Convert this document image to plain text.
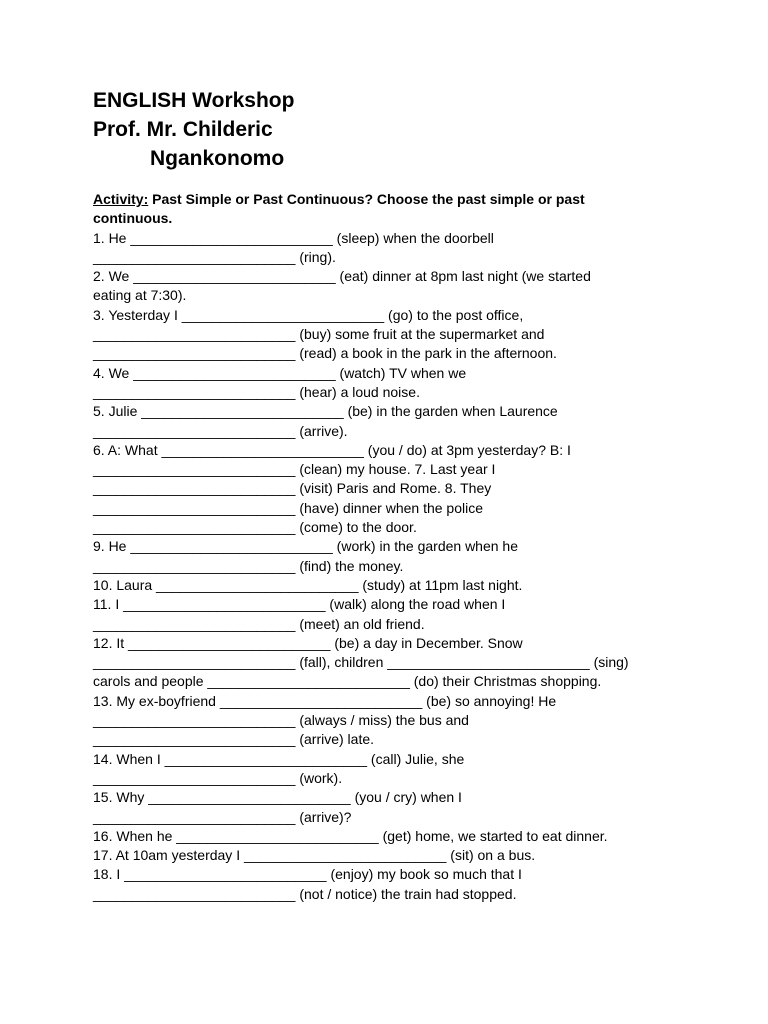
ENGLISH Workshop
Prof. Mr. Childeric
Ngankonomo
Activity: Past Simple or Past Continuous? Choose the past simple or past
continuous.
1. He __________________________ (sleep) when the doorbell
__________________________ (ring).
2. We __________________________ (eat) dinner at 8pm last night (we started
eating at 7:30).
3. Yesterday I __________________________ (go) to the post office,
__________________________ (buy) some fruit at the supermarket and
__________________________ (read) a book in the park in the afternoon.
4. We __________________________ (watch) TV when we
__________________________ (hear) a loud noise.
5. Julie __________________________ (be) in the garden when Laurence
__________________________ (arrive).
6. A: What __________________________ (you / do) at 3pm yesterday? B: I
__________________________ (clean) my house. 7. Last year I
__________________________ (visit) Paris and Rome. 8. They
__________________________ (have) dinner when the police
__________________________ (come) to the door.
9. He __________________________ (work) in the garden when he
__________________________ (find) the money.
10. Laura __________________________ (study) at 11pm last night.
11. I __________________________ (walk) along the road when I
__________________________ (meet) an old friend.
12. It __________________________ (be) a day in December. Snow
__________________________ (fall), children __________________________ (sing)
carols and people __________________________ (do) their Christmas shopping.
13. My ex-boyfriend __________________________ (be) so annoying! He
__________________________ (always / miss) the bus and
__________________________ (arrive) late.
14. When I __________________________ (call) Julie, she
__________________________ (work).
15. Why __________________________ (you / cry) when I
__________________________ (arrive)?
16. When he __________________________ (get) home, we started to eat dinner.
17. At 10am yesterday I __________________________ (sit) on a bus.
18. I __________________________ (enjoy) my book so much that I
__________________________ (not / notice) the train had stopped.
